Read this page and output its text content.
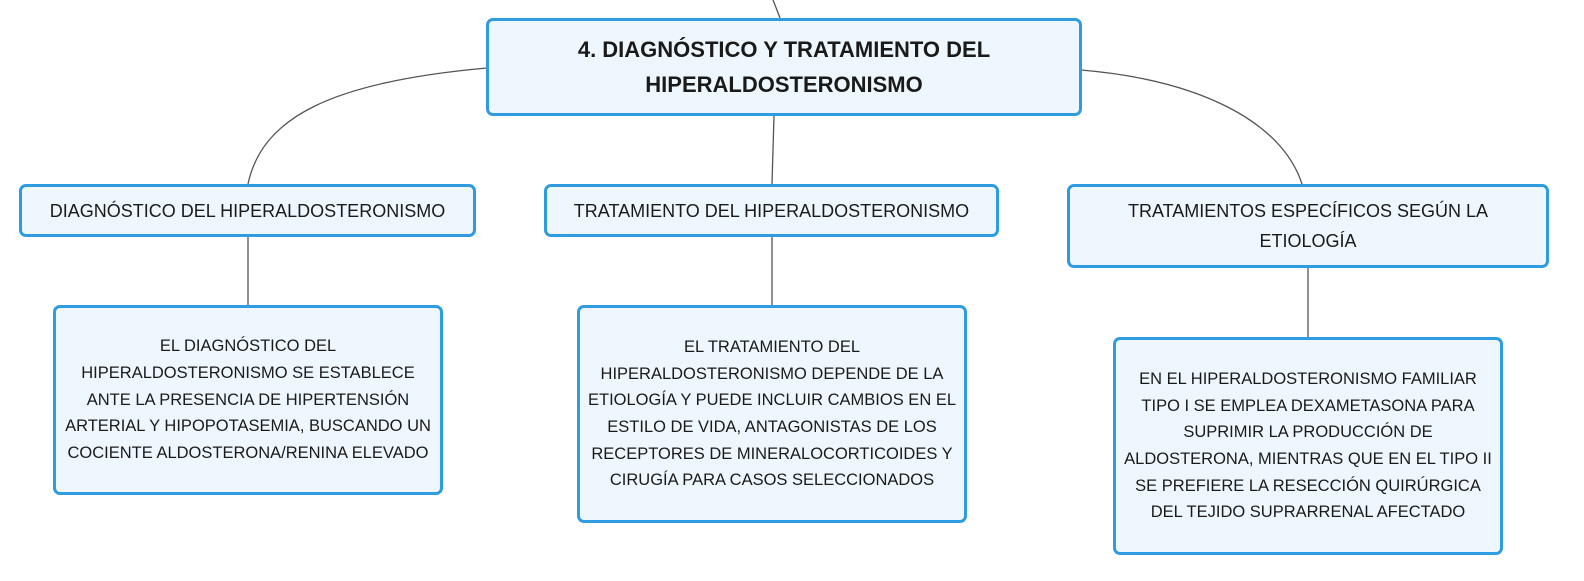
4. DIAGNÓSTICO Y TRATAMIENTO DEL HIPERALDOSTERONISMO
DIAGNÓSTICO DEL HIPERALDOSTERONISMO	TRATAMIENTO DEL HIPERALDOSTERONISMO	TRATAMIENTOS ESPECÍFICOS SEGÚN LA ETIOLOGÍA
EL DIAGNÓSTICO DEL HIPERALDOSTERONISMO SE ESTABLECE ANTE LA PRESENCIA DE HIPERTENSIÓN ARTERIAL Y HIPOPOTASEMIA, BUSCANDO UN COCIENTE ALDOSTERONA/RENINA ELEVADO
EL TRATAMIENTO DEL HIPERALDOSTERONISMO DEPENDE DE LA ETIOLOGÍA Y PUEDE INCLUIR CAMBIOS EN EL ESTILO DE VIDA, ANTAGONISTAS DE LOS RECEPTORES DE MINERALOCORTICOIDES Y CIRUGÍA PARA CASOS SELECCIONADOS
EN EL HIPERALDOSTERONISMO FAMILIAR TIPO I SE EMPLEA DEXAMETASONA PARA SUPRIMIR LA PRODUCCIÓN DE ALDOSTERONA, MIENTRAS QUE EN EL TIPO II SE PREFIERE LA RESECCIÓN QUIRÚRGICA DEL TEJIDO SUPRARRENAL AFECTADO
